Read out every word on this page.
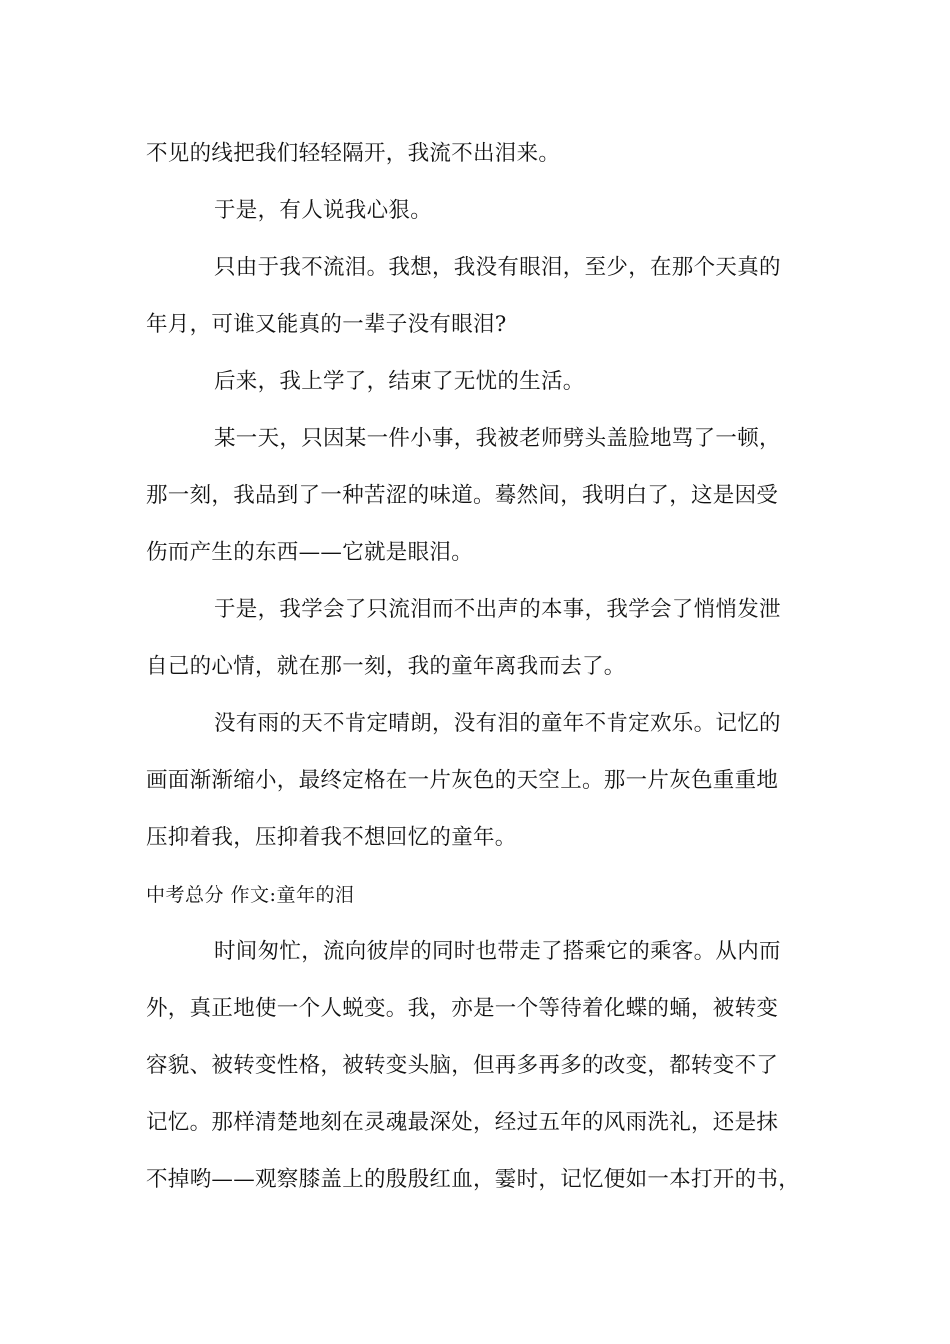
不见的线把我们轻轻隔开，我流不出泪来。
于是，有人说我心狠。
只由于我不流泪。我想，我没有眼泪，至少，在那个天真的
年月，可谁又能真的一辈子没有眼泪?
后来，我上学了，结束了无忧的生活。
某一天，只因某一件小事，我被老师劈头盖脸地骂了一顿，
那一刻，我品到了一种苦涩的味道。蓦然间，我明白了，这是因受
伤而产生的东西——它就是眼泪。
于是，我学会了只流泪而不出声的本事，我学会了悄悄发泄
自己的心情，就在那一刻，我的童年离我而去了。
没有雨的天不肯定晴朗，没有泪的童年不肯定欢乐。记忆的
画面渐渐缩小，最终定格在一片灰色的天空上。那一片灰色重重地
压抑着我，压抑着我不想回忆的童年。
中考总分 作文:童年的泪
时间匆忙，流向彼岸的同时也带走了搭乘它的乘客。从内而
外，真正地使一个人蜕变。我，亦是一个等待着化蝶的蛹，被转变
容貌、被转变性格，被转变头脑，但再多再多的改变，都转变不了
记忆。那样清楚地刻在灵魂最深处，经过五年的风雨洗礼，还是抹
不掉哟——观察膝盖上的殷殷红血，霎时，记忆便如一本打开的书，
